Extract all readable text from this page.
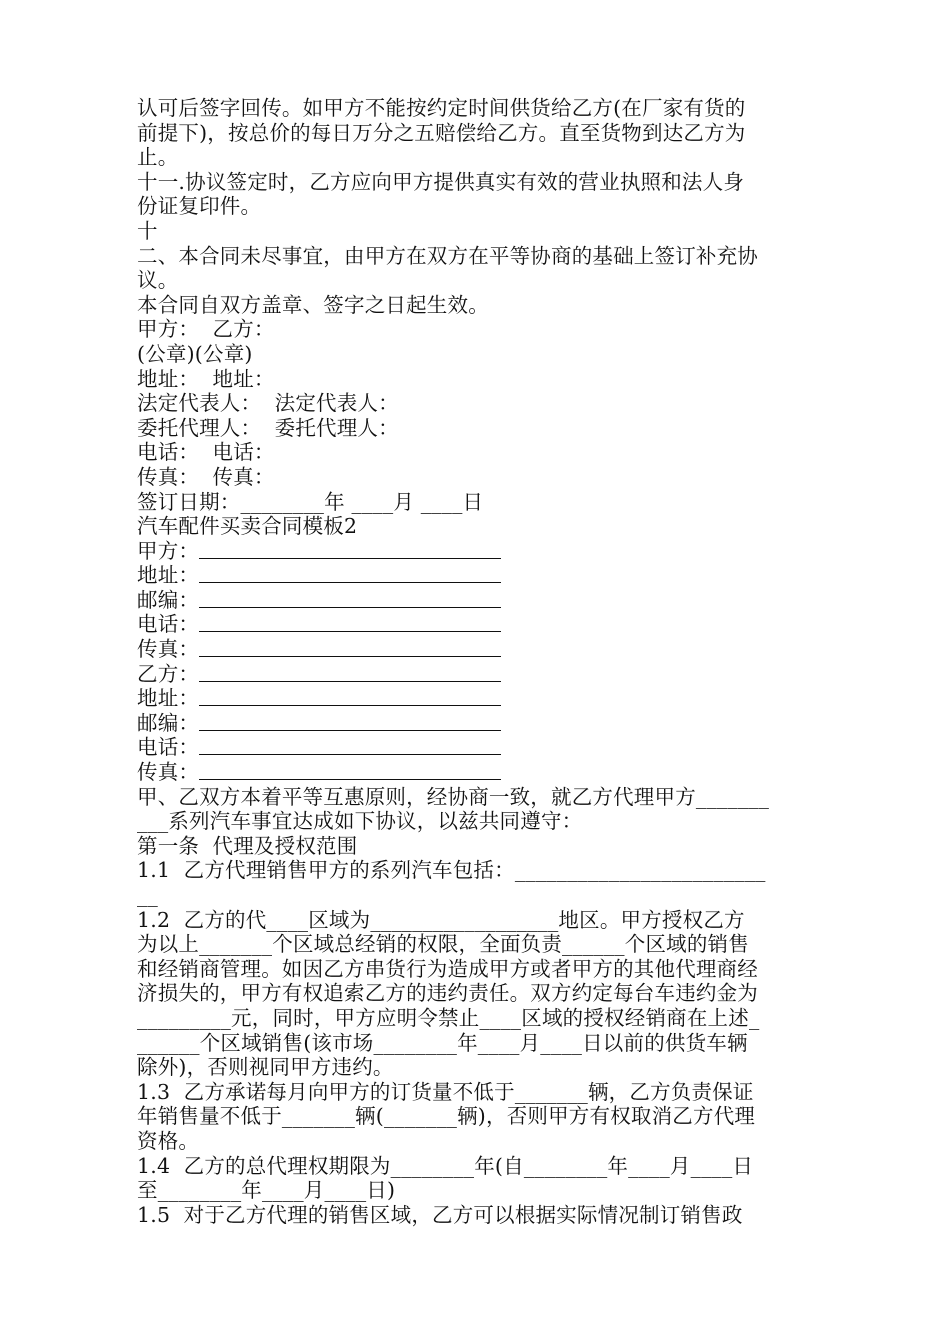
认可后签字回传。如甲方不能按约定时间供货给乙方(在厂家有货的
前提下)，按总价的每日万分之五赔偿给乙方。直至货物到达乙方为
止。
十一.协议签定时，乙方应向甲方提供真实有效的营业执照和法人身
份证复印件。
十
二、本合同未尽事宜，由甲方在双方在平等协商的基础上签订补充协
议。
本合同自双方盖章、签字之日起生效。
甲方：  乙方：
(公章)(公章)
地址：  地址：
法定代表人：  法定代表人：
委托代理人：  委托代理人：
电话：  电话：
传真：  传真：
签订日期：________年 ____月 ____日
汽车配件买卖合同模板2
甲方：
地址：
邮编：
电话：
传真：
乙方：
地址：
邮编：
电话：
传真：
甲、乙双方本着平等互惠原则，经协商一致，就乙方代理甲方_______
___系列汽车事宜达成如下协议，以兹共同遵守：
第一条  代理及授权范围
1.1  乙方代理销售甲方的系列汽车包括：________________________
__
1.2  乙方的代____区域为__________________地区。甲方授权乙方
为以上_______个区域总经销的权限，全面负责______个区域的销售
和经销商管理。如因乙方串货行为造成甲方或者甲方的其他代理商经
济损失的，甲方有权追索乙方的违约责任。双方约定每台车违约金为
_________元，同时，甲方应明令禁止____区域的授权经销商在上述_
______个区域销售(该市场________年____月____日以前的供货车辆
除外)，否则视同甲方违约。
1.3  乙方承诺每月向甲方的订货量不低于_______辆，乙方负责保证
年销售量不低于_______辆(_______辆)，否则甲方有权取消乙方代理
资格。
1.4  乙方的总代理权期限为________年(自________年____月____日
至________年____月____日)
1.5  对于乙方代理的销售区域，乙方可以根据实际情况制订销售政
